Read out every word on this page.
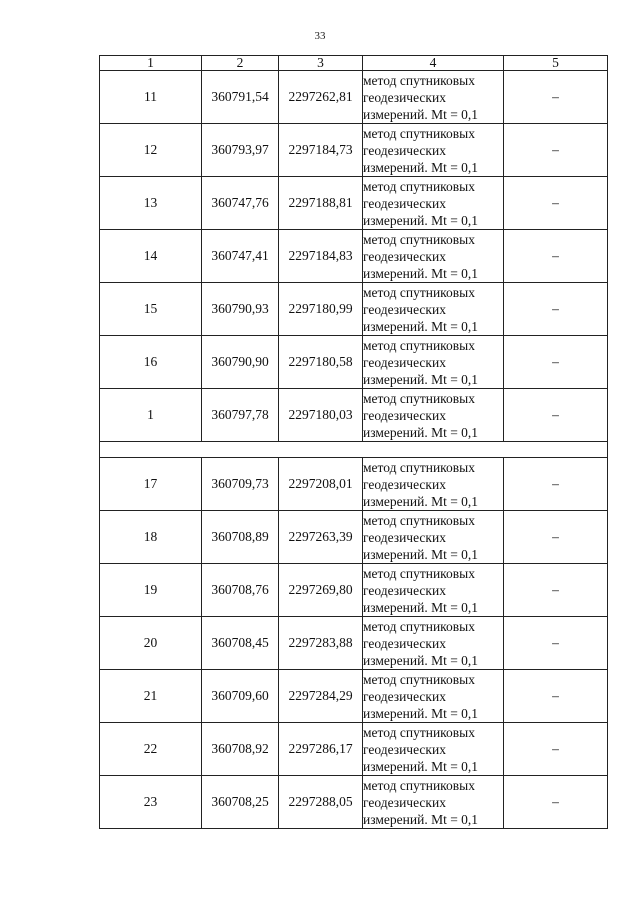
33
1	2	3	4	5
11	360791,54	2297262,81	метод спутниковых
геодезических
измерений. Mt = 0,1	–
12	360793,97	2297184,73	метод спутниковых
геодезических
измерений. Mt = 0,1	–
13	360747,76	2297188,81	метод спутниковых
геодезических
измерений. Mt = 0,1	–
14	360747,41	2297184,83	метод спутниковых
геодезических
измерений. Mt = 0,1	–
15	360790,93	2297180,99	метод спутниковых
геодезических
измерений. Mt = 0,1	–
16	360790,90	2297180,58	метод спутниковых
геодезических
измерений. Mt = 0,1	–
1	360797,78	2297180,03	метод спутниковых
геодезических
измерений. Mt = 0,1	–

17	360709,73	2297208,01	метод спутниковых
геодезических
измерений. Mt = 0,1	–
18	360708,89	2297263,39	метод спутниковых
геодезических
измерений. Mt = 0,1	–
19	360708,76	2297269,80	метод спутниковых
геодезических
измерений. Mt = 0,1	–
20	360708,45	2297283,88	метод спутниковых
геодезических
измерений. Mt = 0,1	–
21	360709,60	2297284,29	метод спутниковых
геодезических
измерений. Mt = 0,1	–
22	360708,92	2297286,17	метод спутниковых
геодезических
измерений. Mt = 0,1	–
23	360708,25	2297288,05	метод спутниковых
геодезических
измерений. Mt = 0,1	–
